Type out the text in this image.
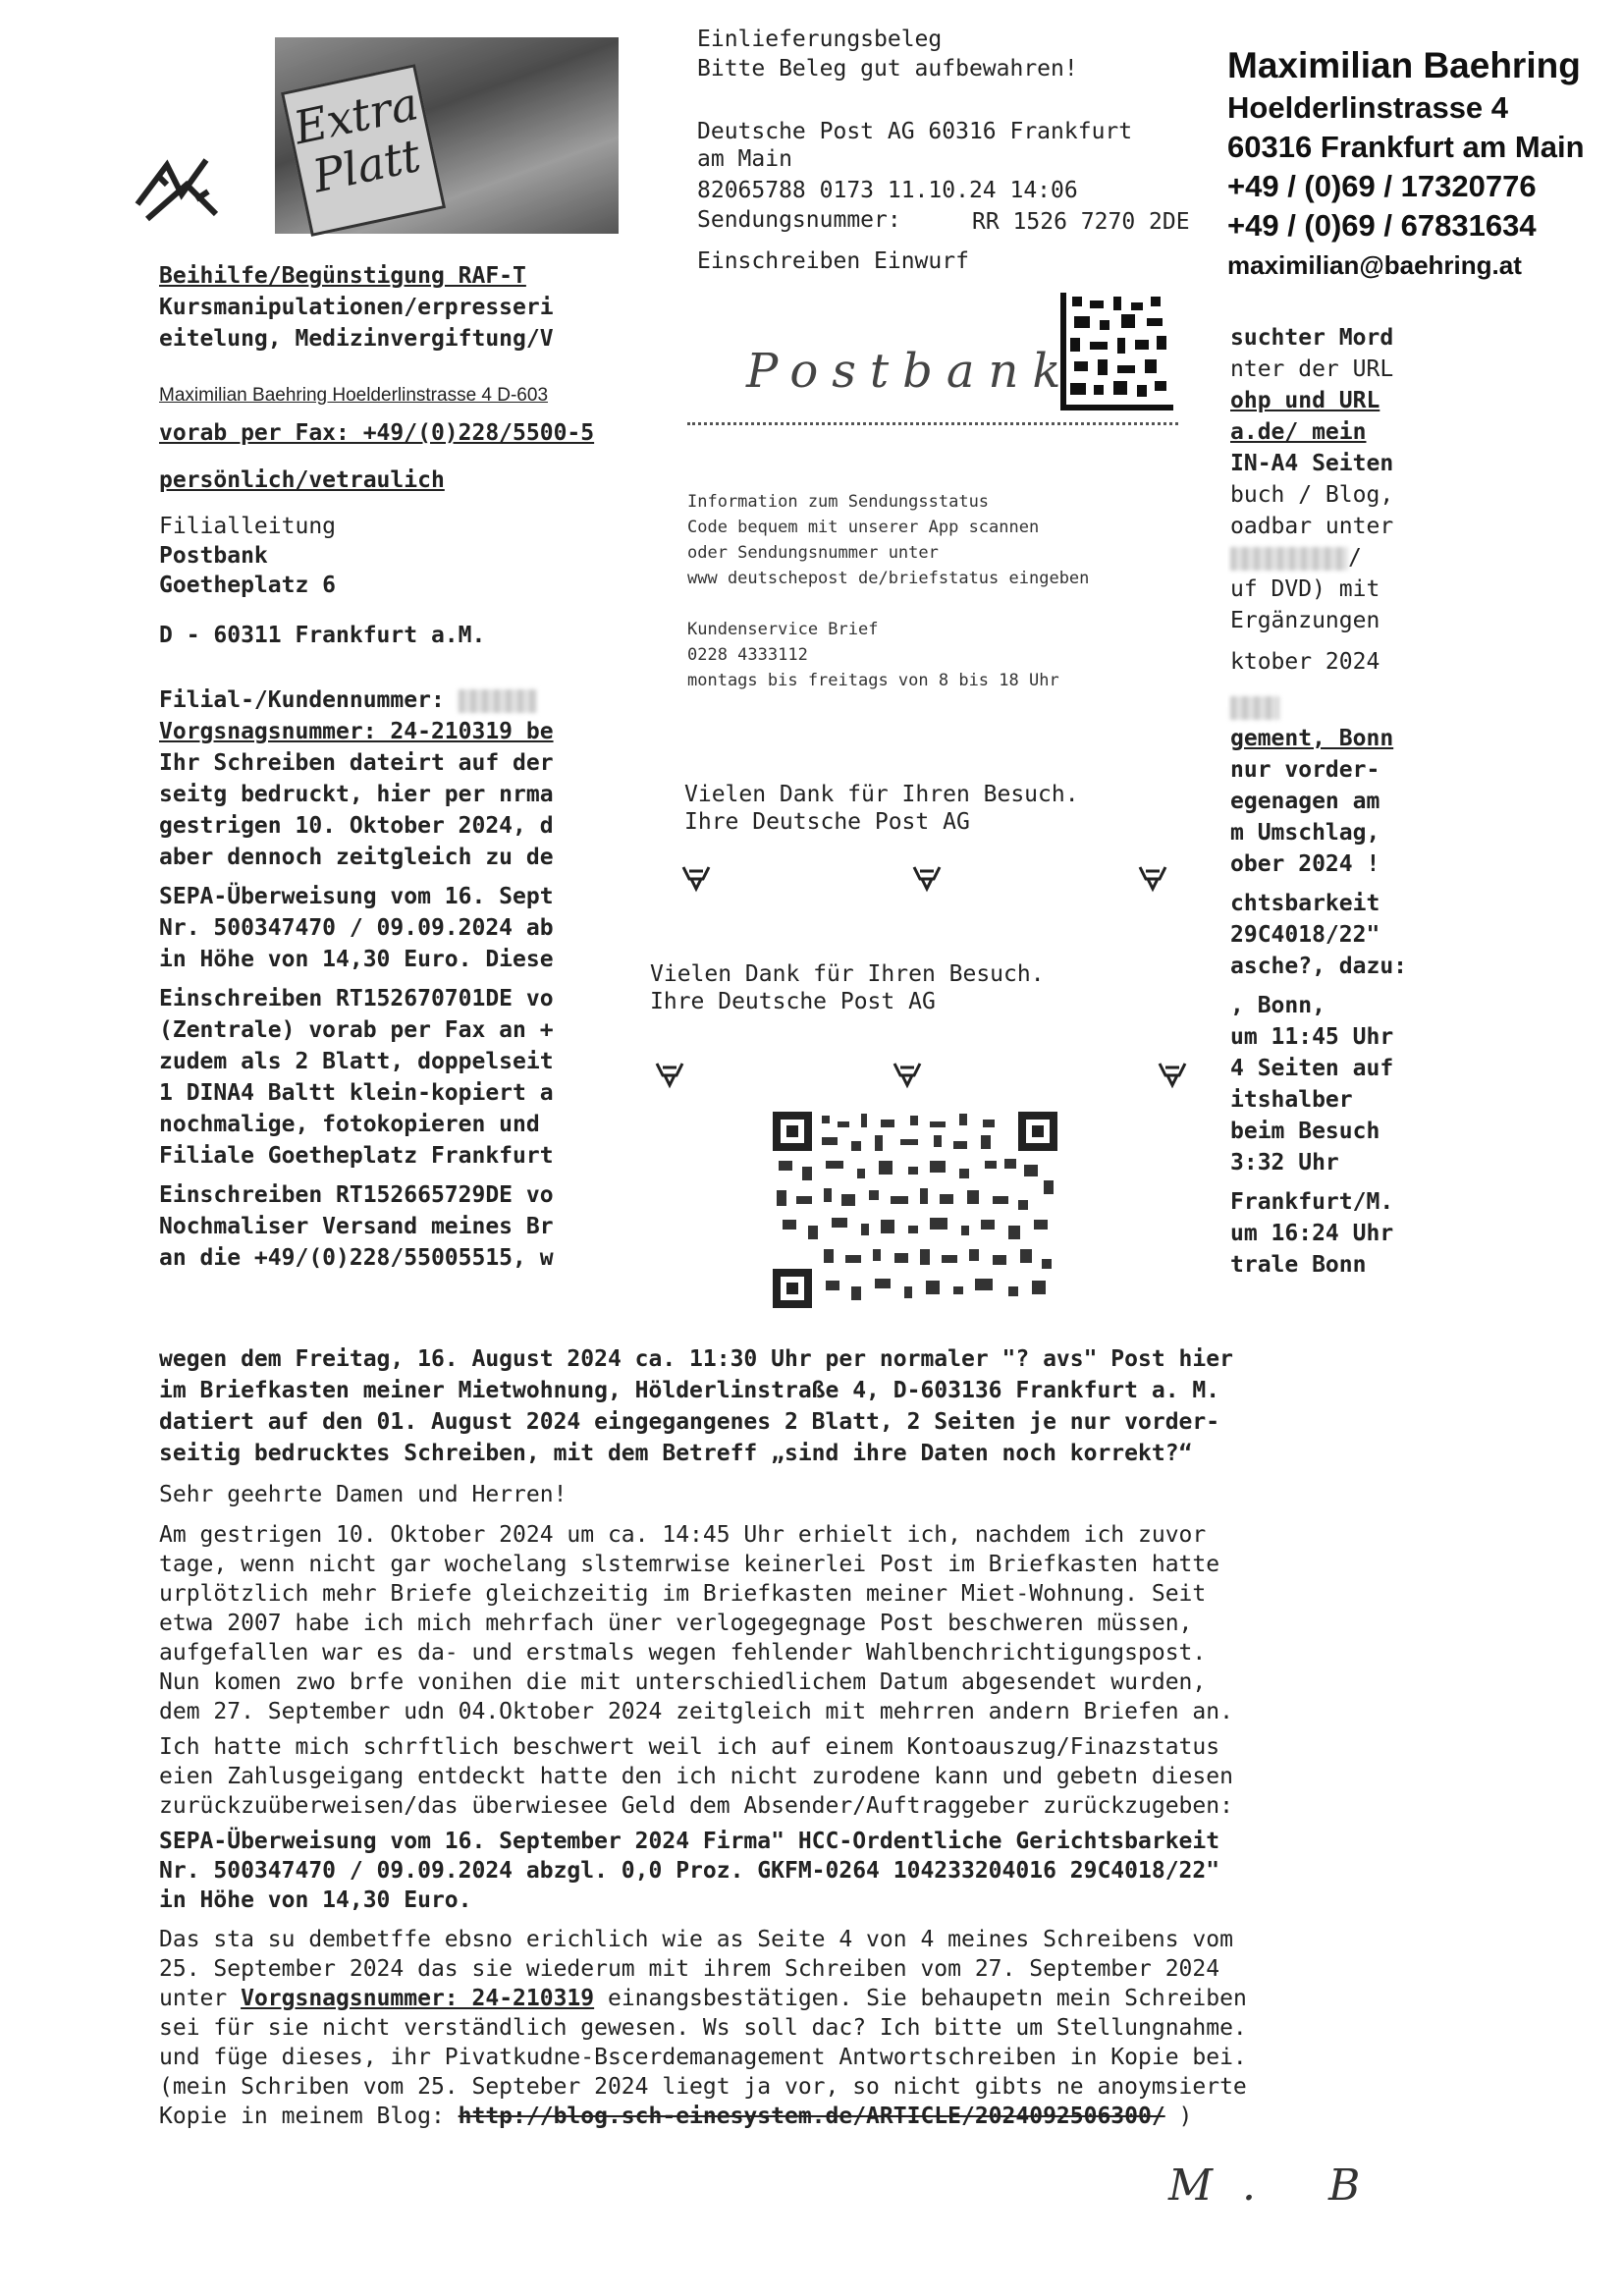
Extra Platt
Maximilian Baehring
Hoelderlinstrasse 4
60316 Frankfurt am Main
+49 / (0)69 / 17320776
+49 / (0)69 / 67831634
maximilian@baehring.at
Beihilfe/Begünstigung RAF-T
Kursmanipulationen/erpresseri
eitelung, Medizinvergiftung/V
Maximilian Baehring Hoelderlinstrasse 4 D-603
vorab per Fax: +49/(0)228/5500-5
persönlich/vetraulich
Filialleitung
Postbank
Goetheplatz 6
D - 60311 Frankfurt a.M.
Filial-/Kundennummer:
Vorgsnagsnummer: 24-210319 be
Ihr Schreiben dateirt auf der
seitg bedruckt, hier per nrma
gestrigen 10. Oktober 2024, d
aber dennoch zeitgleich zu de
SEPA-Überweisung vom 16. Sept
Nr. 500347470 / 09.09.2024 ab
in Höhe von 14,30 Euro. Diese
Einschreiben RT152670701DE vo
(Zentrale) vorab per Fax an +
zudem als 2 Blatt, doppelseit
1 DINA4 Baltt klein-kopiert a
nochmalige, fotokopieren und
Filiale Goetheplatz Frankfurt
Einschreiben RT152665729DE vo
Nochmaliser Versand meines Br
an die +49/(0)228/55005515, w
suchter Mord
nter der URL
ohp und URL
a.de/ mein
IN-A4 Seiten
buch / Blog,
oadbar unter
/
uf DVD) mit
Ergänzungen
ktober 2024
gement, Bonn
nur vorder-
egenagen am
m Umschlag,
ober 2024 !
chtsbarkeit
29C4018/22"
asche?, dazu:
, Bonn,
um 11:45 Uhr
4 Seiten auf
itshalber
beim Besuch
3:32 Uhr
Frankfurt/M.
um 16:24 Uhr
trale Bonn
Einlieferungsbeleg
Bitte Beleg gut aufbewahren!
Deutsche Post AG 60316 Frankfurt
am Main
82065788 0173 11.10.24 14:06
Sendungsnummer:	RR 1526 7270 2DE
Einschreiben Einwurf
Postbank
Information zum Sendungsstatus
Code bequem mit unserer App scannen
oder Sendungsnummer unter
www deutschepost de/briefstatus eingeben
Kundenservice Brief
0228 4333112
montags bis freitags von 8 bis 18 Uhr
Vielen Dank für Ihren Besuch.
Ihre Deutsche Post AG
Vielen Dank für Ihren Besuch.
Ihre Deutsche Post AG
wegen dem Freitag, 16. August 2024 ca. 11:30 Uhr per normaler "? avs" Post hier
im Briefkasten meiner Mietwohnung, Hölderlinstraße 4, D-603136 Frankfurt a. M.
datiert auf den 01. August 2024 eingegangenes 2 Blatt, 2 Seiten je nur vorder-
seitig bedrucktes Schreiben, mit dem Betreff „sind ihre Daten noch korrekt?“
Sehr geehrte Damen und Herren!
Am gestrigen 10. Oktober 2024 um ca. 14:45 Uhr erhielt ich, nachdem ich zuvor
tage, wenn nicht gar wochelang slstemrwise keinerlei Post im Briefkasten hatte
urplötzlich mehr Briefe gleichzeitig im Briefkasten meiner Miet-Wohnung. Seit
etwa 2007 habe ich mich mehrfach üner verlogegegnage Post beschweren müssen,
aufgefallen war es da- und erstmals wegen fehlender Wahlbenchrichtigungspost.
Nun komen zwo brfe vonihen die mit unterschiedlichem Datum abgesendet wurden,
dem 27. September udn 04.Oktober 2024 zeitgleich mit mehrren andern Briefen an.
Ich hatte mich schrftlich beschwert weil ich auf einem Kontoauszug/Finazstatus
eien Zahlusgeigang entdeckt hatte den ich nicht zurodene kann und gebetn diesen
zurückzuüberweisen/das überwiesee Geld dem Absender/Auftraggeber zurückzugeben:
SEPA-Überweisung vom 16. September 2024 Firma" HCC-Ordentliche Gerichtsbarkeit
Nr. 500347470 / 09.09.2024 abzgl. 0,0 Proz. GKFM-0264 104233204016 29C4018/22"
in Höhe von 14,30 Euro.
Das sta su dembetffe ebsno erichlich wie as Seite 4 von 4 meines Schreibens vom
25. September 2024 das sie wiederum mit ihrem Schreiben vom 27. September 2024
unter Vorgsnagsnummer: 24-210319 einangsbestätigen. Sie behaupetn mein Schreiben
sei für sie nicht verständlich gewesen. Ws soll dac? Ich bitte um Stellungnahme.
und füge dieses, ihr Pivatkudne-Bscerdemanagement Antwortschreiben in Kopie bei.
(mein Schriben vom 25. Septeber 2024 liegt ja vor, so nicht gibts ne anoymsierte
Kopie in meinem Blog: http://blog.sch-einesystem.de/ARTICLE/2024092506300/ )
M. B
